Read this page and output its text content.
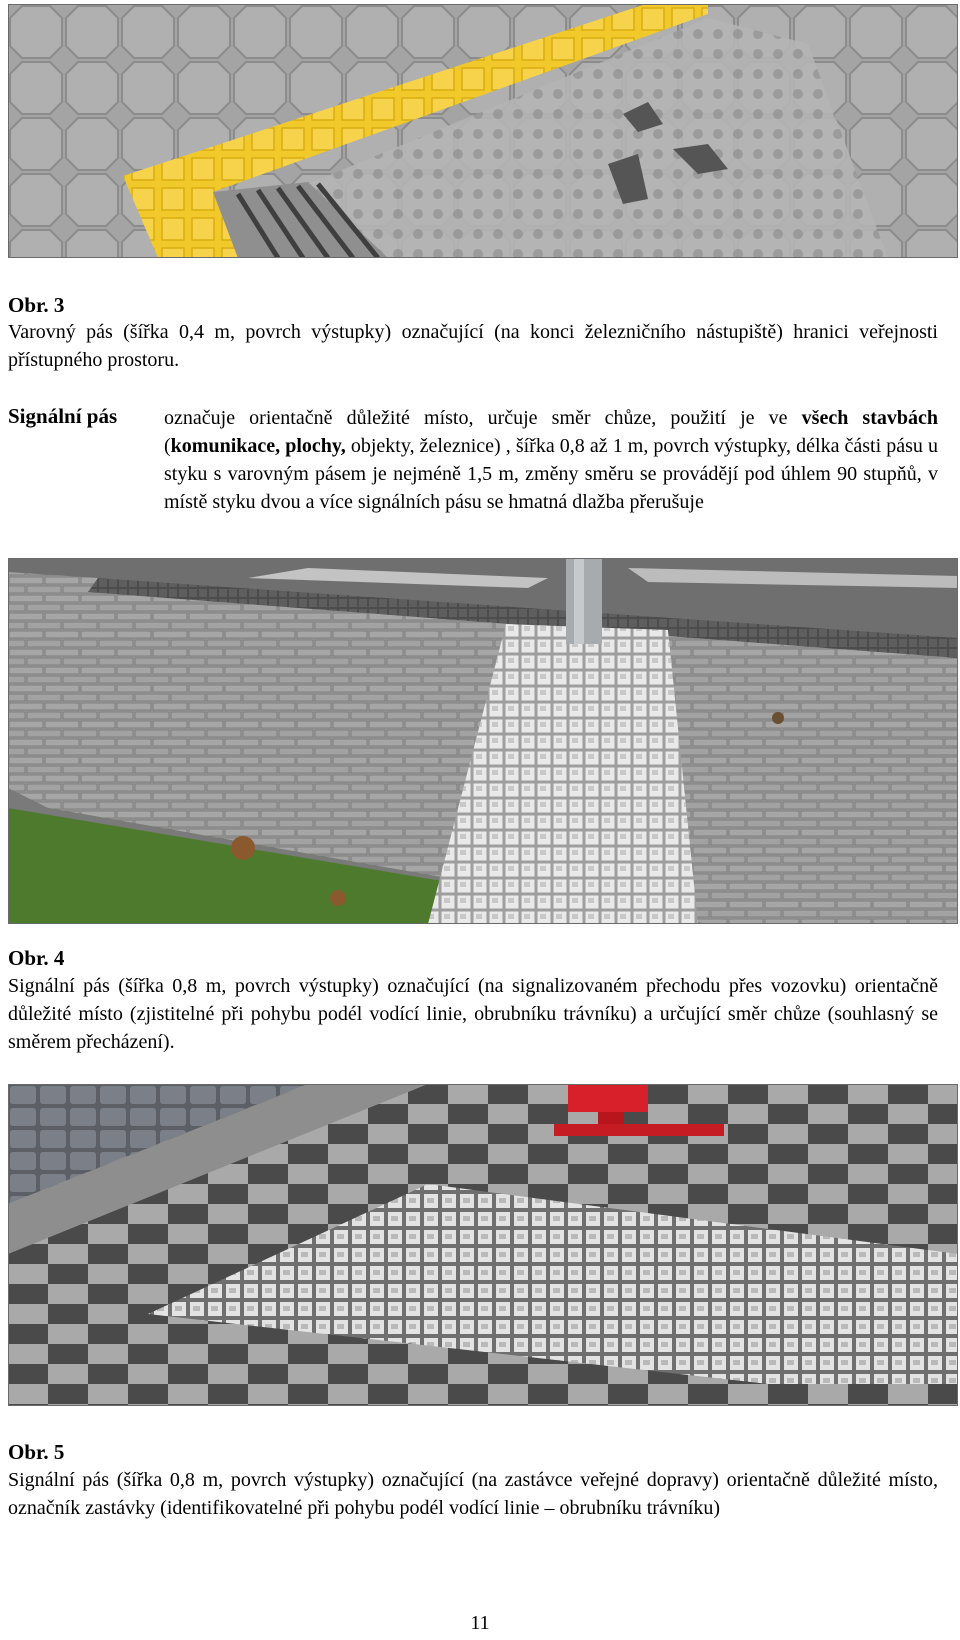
Obr. 3

Varovný pás (šířka 0,4 m, povrch výstupky) označující (na konci železničního nástupiště) hranici veřejnosti přístupného prostoru.

Signální pás označuje orientačně důležité místo, určuje směr chůze, použití je ve všech stavbách (komunikace, plochy, objekty, železnice) , šířka 0,8 až 1 m, povrch výstupky, délka části pásu u styku s varovným pásem je nejméně 1,5 m, změny směru se provádějí pod úhlem 90 stupňů, v místě styku dvou a více signálních pásu se hmatná dlažba přerušuje

Obr. 4

Signální pás (šířka 0,8 m, povrch výstupky) označující (na signalizovaném přechodu přes vozovku) orientačně důležité místo (zjistitelné při pohybu podél vodící linie, obrubníku trávníku) a určující směr chůze (souhlasný se směrem přecházení).

Obr. 5

Signální pás (šířka 0,8 m, povrch výstupky) označující (na zastávce veřejné dopravy) orientačně důležité místo, označník zastávky (identifikovatelné při pohybu podél vodící linie – obrubníku trávníku)

11
